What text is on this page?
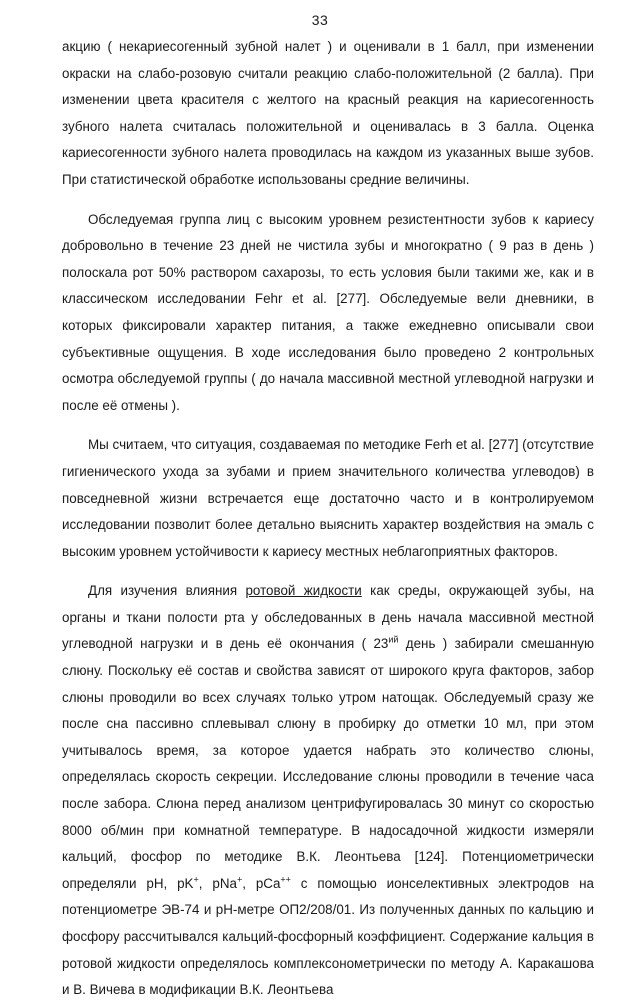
33

акцию ( некариесогенный зубной налет ) и оценивали в 1 балл, при изменении окраски на слабо-розовую считали реакцию слабо-положительной (2 балла). При изменении цвета красителя с желтого на красный реакция на кариесогенность зубного налета считалась положительной и оценивалась в 3 балла. Оценка кариесогенности зубного налета проводилась на каждом из указанных выше зубов. При статистической обработке использованы средние величины.

Обследуемая группа лиц с высоким уровнем резистентности зубов к кариесу добровольно в течение 23 дней не чистила зубы и многократно ( 9 раз в день ) полоскала рот 50% раствором сахарозы, то есть условия были такими же, как и в классическом исследовании Fehr et al. [277]. Обследуемые вели дневники, в которых фиксировали характер питания, а также ежедневно описывали свои субъективные ощущения. В ходе исследования было проведено 2 контрольных осмотра обследуемой группы ( до начала массивной местной углеводной нагрузки и после её отмены ).

Мы считаем, что ситуация, создаваемая по методике Ferh et al. [277] (отсутствие гигиенического ухода за зубами и прием значительного количества углеводов) в повседневной жизни встречается еще достаточно часто и в контролируемом исследовании позволит более детально выяснить характер воздействия на эмаль с высоким уровнем устойчивости к кариесу местных неблагоприятных факторов.

Для изучения влияния ротовой жидкости как среды, окружающей зубы, на органы и ткани полости рта у обследованных в день начала массивной местной углеводной нагрузки и в день её окончания ( $23^{ий}$ день ) забирали смешанную слюну. Поскольку её состав и свойства зависят от широкого круга факторов, забор слюны проводили во всех случаях только утром натощак. Обследуемый сразу же после сна пассивно сплевывал слюну в пробирку до отметки 10 мл, при этом учитывалось время, за которое удается набрать это количество слюны, определялась скорость секреции. Исследование слюны проводили в течение часа после забора. Слюна перед анализом центрифугировалась 30 минут со скоростью 8000 об/мин при комнатной температуре. В надосадочной жидкости измеряли кальций, фосфор по методике В.К. Леонтьева [124]. Потенциометрически определяли pH, pK+, pNa+, pCa++ с помощью ионселективных электродов на потенциометре ЭВ-74 и pH-метре ОП2/208/01. Из полученных данных по кальцию и фосфору рассчитывался кальций-фосфорный коэффициент. Содержание кальция в ротовой жидкости определялось комплексонометрически по методу А. Каракашова и В. Вичева в модификации В.К. Леонтьева
